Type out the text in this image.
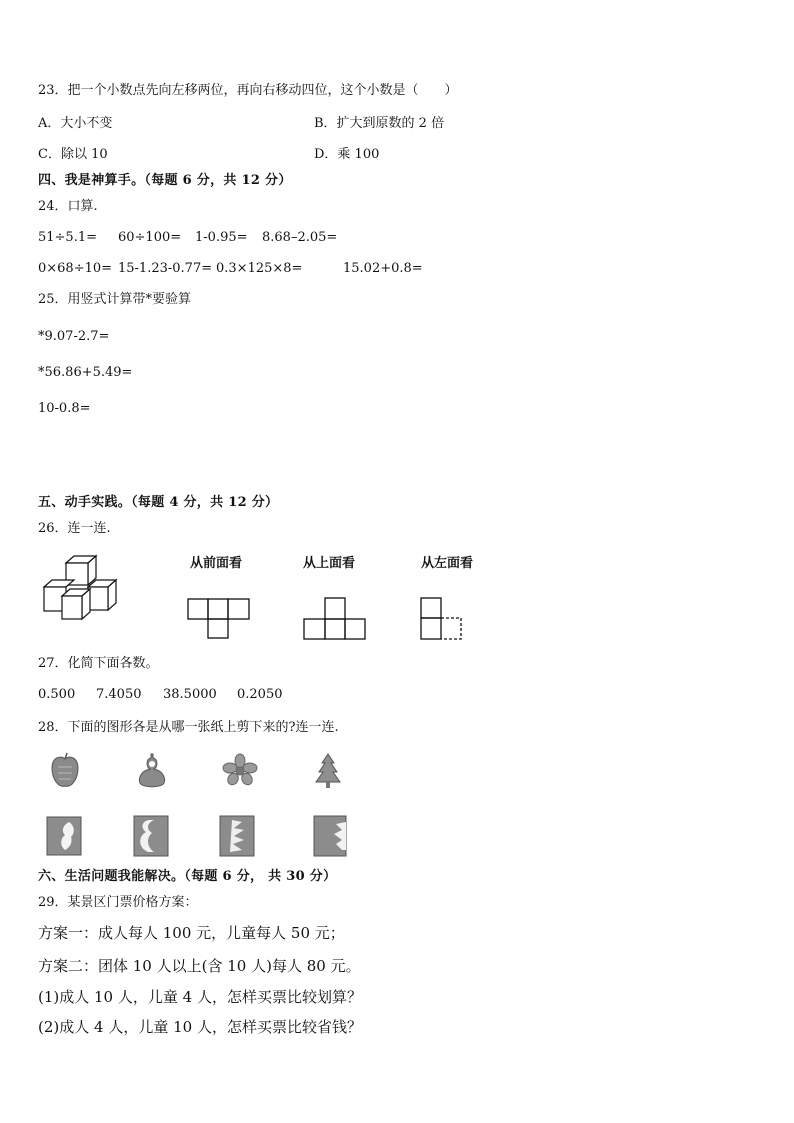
23．把一个小数点先向左移两位，再向右移动四位，这个小数是（　　）
A．大小不变	B．扩大到原数的 2 倍
C．除以 10	D．乘 100
四、我是神算手。（每题 6 分，共 12 分）
24．口算.
51÷5.1= 60÷100= 1-0.95= 8.68–2.05=
0×68÷10= 15-1.23-0.77= 0.3×125×8=	15.02+0.8=
25．用竖式计算带*要验算
*9.07-2.7=
*56.86+5.49=
10-0.8=
五、动手实践。（每题 4 分，共 12 分）
26．连一连.
从前面看	从上面看	从左面看
27．化简下面各数。
0.500 7.4050 38.5000 0.2050
28．下面的图形各是从哪一张纸上剪下来的?连一连.
六、生活问题我能解决。（每题 6 分， 共 30 分）
29．某景区门票价格方案：
方案一：成人每人 100 元，儿童每人 50 元；
方案二：团体 10 人以上(含 10 人)每人 80 元。
(1)成人 10 人，儿童 4 人，怎样买票比较划算？
(2)成人 4 人，儿童 10 人，怎样买票比较省钱？
